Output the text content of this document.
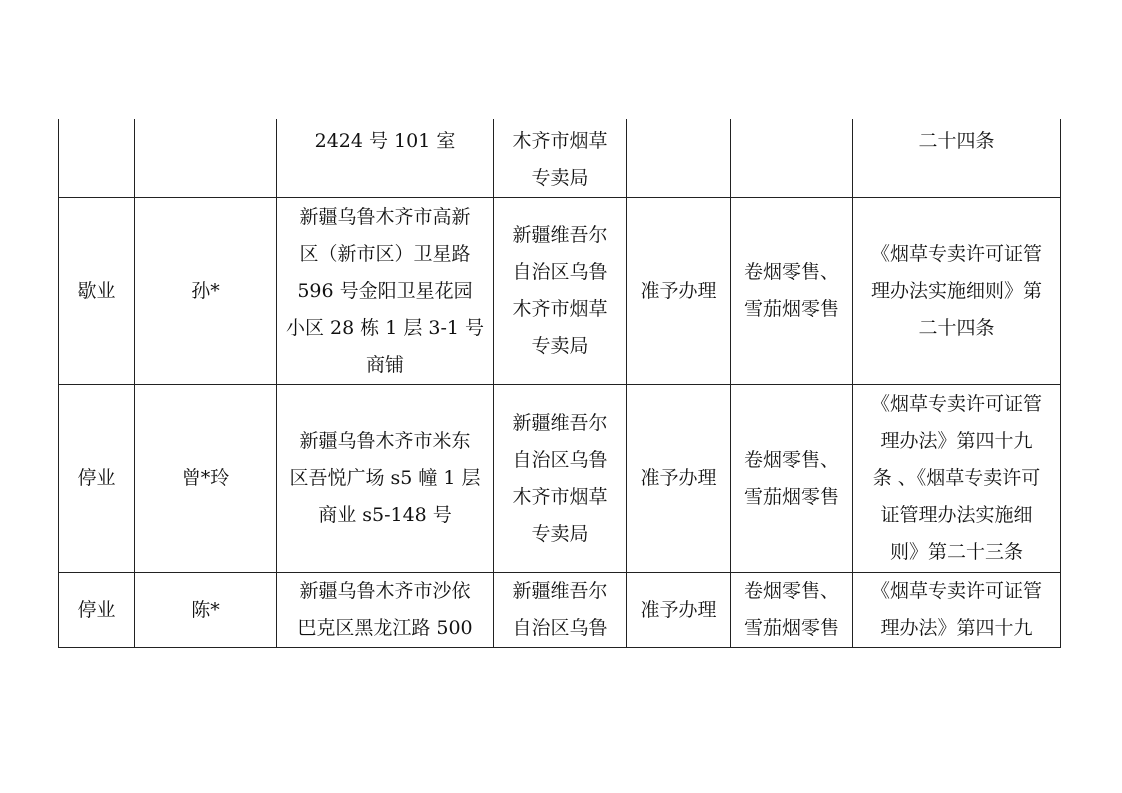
		2424 号 101 室	木齐市烟草
专卖局			二十四条
歇业	孙*	新疆乌鲁木齐市高新
区（新市区）卫星路
596 号金阳卫星花园
小区 28 栋 1 层 3-1 号
商铺	新疆维吾尔
自治区乌鲁
木齐市烟草
专卖局	准予办理	卷烟零售、
雪茄烟零售	《烟草专卖许可证管
理办法实施细则》第
二十四条
停业	曾*玲	新疆乌鲁木齐市米东
区吾悦广场 s5 幢 1 层
商业 s5-148 号	新疆维吾尔
自治区乌鲁
木齐市烟草
专卖局	准予办理	卷烟零售、
雪茄烟零售	《烟草专卖许可证管
理办法》第四十九
条 、《烟草专卖许可
证管理办法实施细
则》第二十三条
停业	陈*	新疆乌鲁木齐市沙依
巴克区黑龙江路 500	新疆维吾尔
自治区乌鲁	准予办理	卷烟零售、
雪茄烟零售	《烟草专卖许可证管
理办法》第四十九
